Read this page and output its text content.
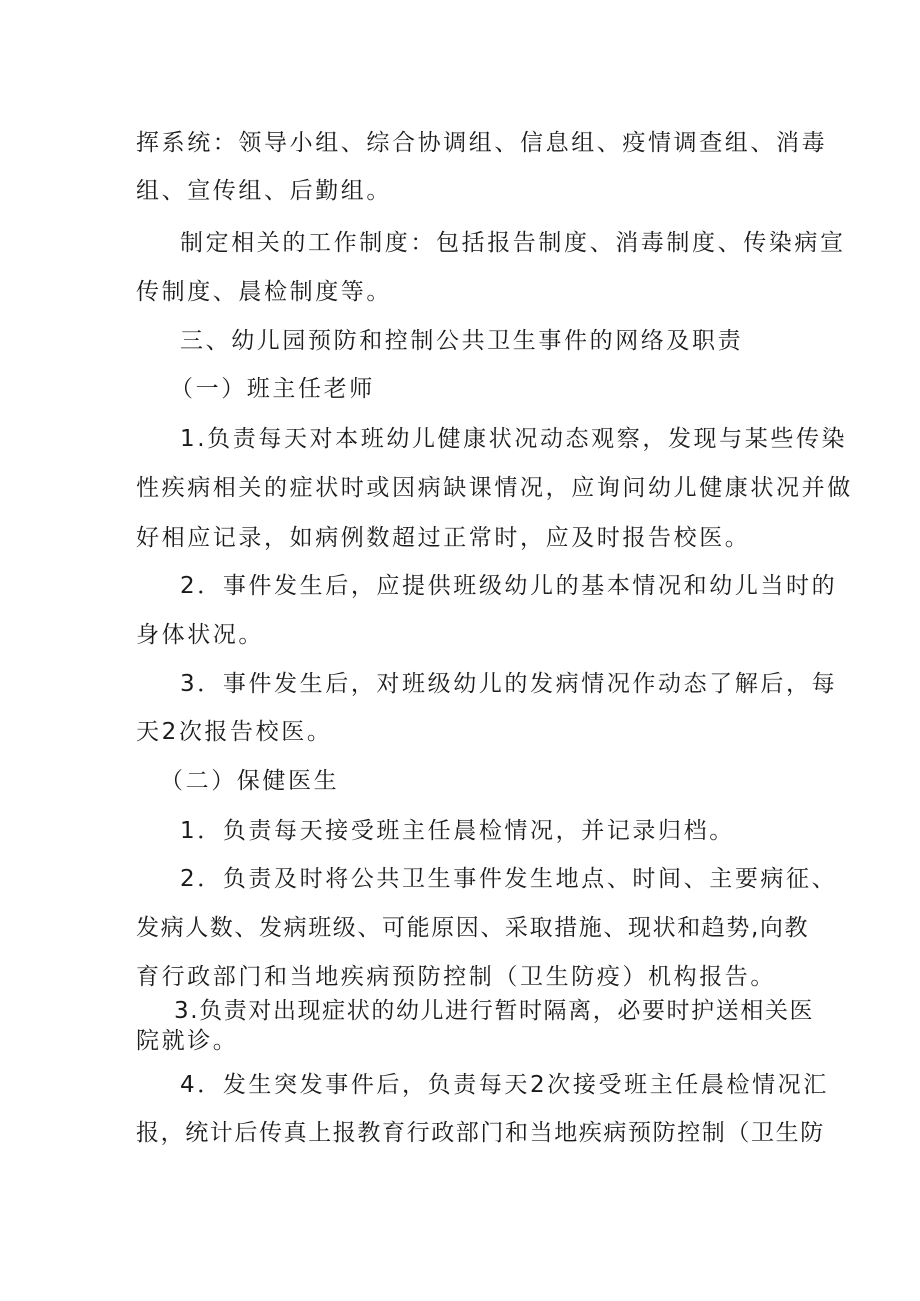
挥系统：领导小组、综合协调组、信息组、疫情调查组、消毒
组、宣传组、后勤组。
制定相关的工作制度：包括报告制度、消毒制度、传染病宣
传制度、晨检制度等。
三、幼儿园预防和控制公共卫生事件的网络及职责
（一）班主任老师
1.负责每天对本班幼儿健康状况动态观察，发现与某些传染
性疾病相关的症状时或因病缺课情况，应询问幼儿健康状况并做
好相应记录，如病例数超过正常时，应及时报告校医。
2．事件发生后，应提供班级幼儿的基本情况和幼儿当时的
身体状况。
3．事件发生后，对班级幼儿的发病情况作动态了解后，每
天2次报告校医。
（二）保健医生
1．负责每天接受班主任晨检情况，并记录归档。
2．负责及时将公共卫生事件发生地点、时间、主要病征、
发病人数、发病班级、可能原因、采取措施、现状和趋势,向教
育行政部门和当地疾病预防控制（卫生防疫）机构报告。
3.负责对出现症状的幼儿进行暂时隔离，必要时护送相关医
院就诊。
4．发生突发事件后，负责每天2次接受班主任晨检情况汇
报，统计后传真上报教育行政部门和当地疾病预防控制（卫生防
